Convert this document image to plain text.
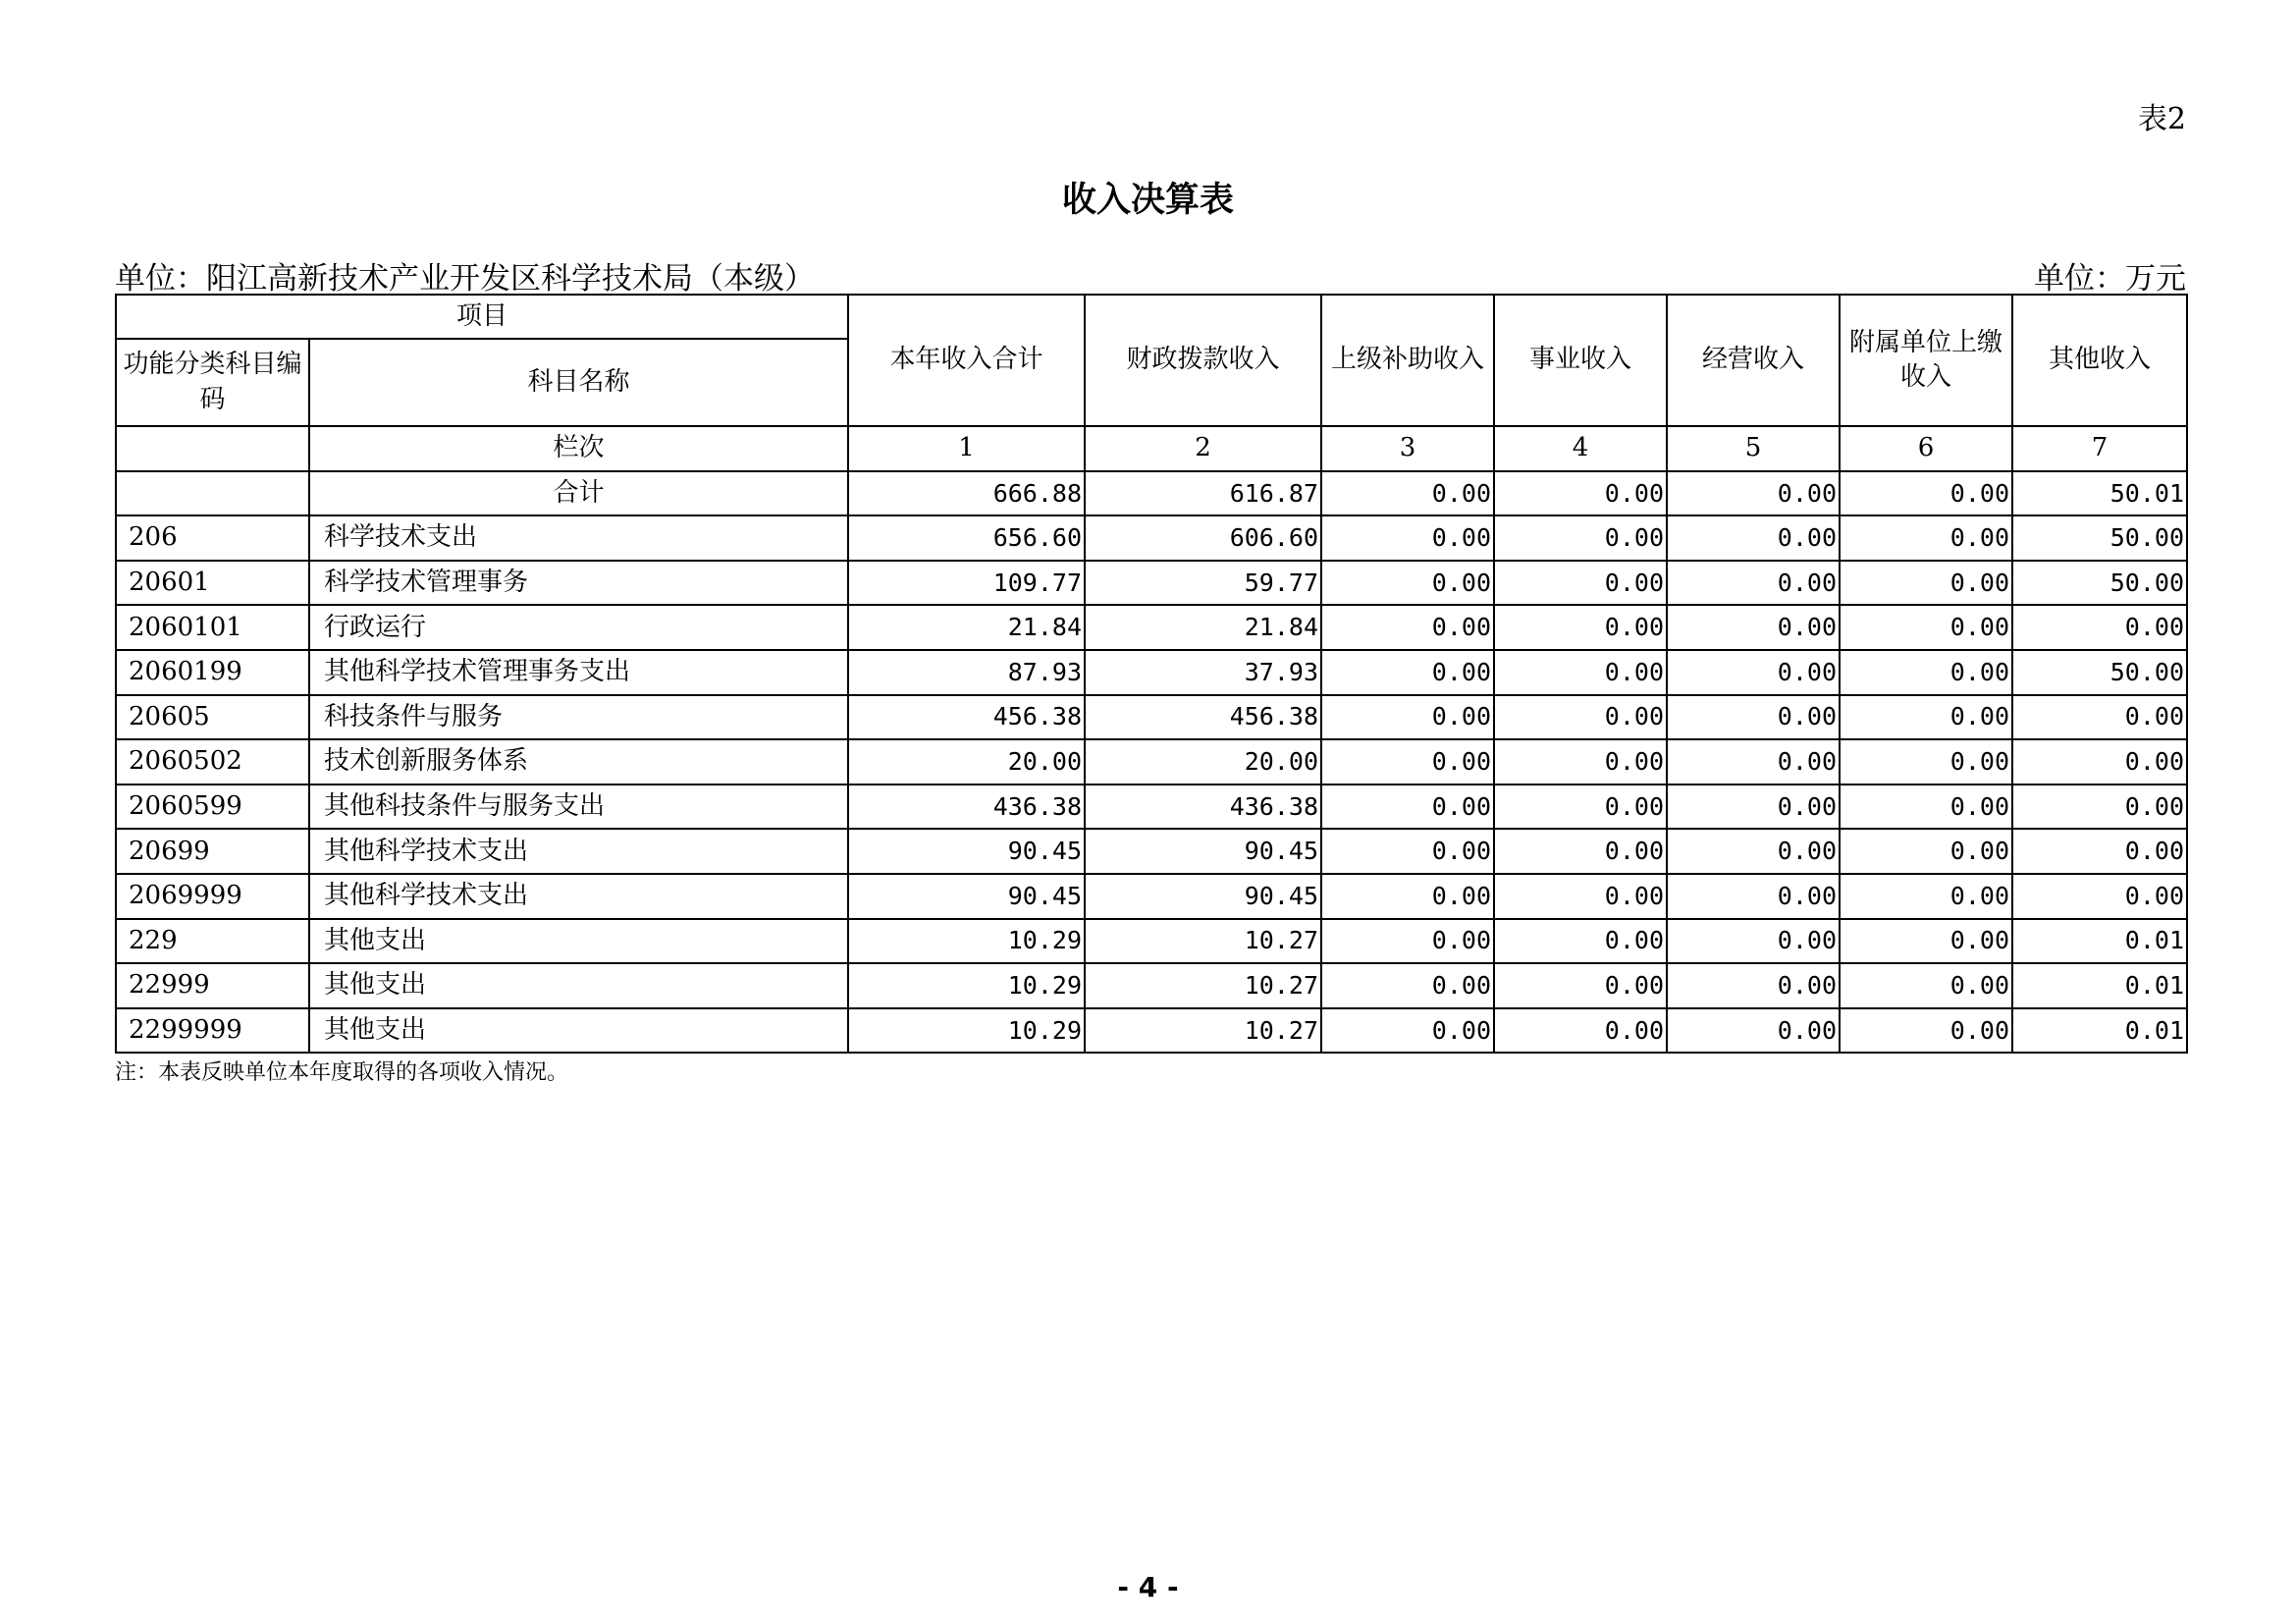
表2
收入决算表
单位：阳江高新技术产业开发区科学技术局（本级）	单位：万元
项目		本年收入合计	财政拨款收入	上级补助收入	事业收入	经营收入	附属单位上缴收入	其他收入
功能分类科目编码	科目名称							
	栏次	1	2	3	4	5	6	7
	合计	666.88	616.87	0.00	0.00	0.00	0.00	50.01
206	科学技术支出	656.60	606.60	0.00	0.00	0.00	0.00	50.00
20601	科学技术管理事务	109.77	59.77	0.00	0.00	0.00	0.00	50.00
2060101	行政运行	21.84	21.84	0.00	0.00	0.00	0.00	0.00
2060199	其他科学技术管理事务支出	87.93	37.93	0.00	0.00	0.00	0.00	50.00
20605	科技条件与服务	456.38	456.38	0.00	0.00	0.00	0.00	0.00
2060502	技术创新服务体系	20.00	20.00	0.00	0.00	0.00	0.00	0.00
2060599	其他科技条件与服务支出	436.38	436.38	0.00	0.00	0.00	0.00	0.00
20699	其他科学技术支出	90.45	90.45	0.00	0.00	0.00	0.00	0.00
2069999	其他科学技术支出	90.45	90.45	0.00	0.00	0.00	0.00	0.00
229	其他支出	10.29	10.27	0.00	0.00	0.00	0.00	0.01
22999	其他支出	10.29	10.27	0.00	0.00	0.00	0.00	0.01
2299999	其他支出	10.29	10.27	0.00	0.00	0.00	0.00	0.01
注：本表反映单位本年度取得的各项收入情况。
- 4 -
